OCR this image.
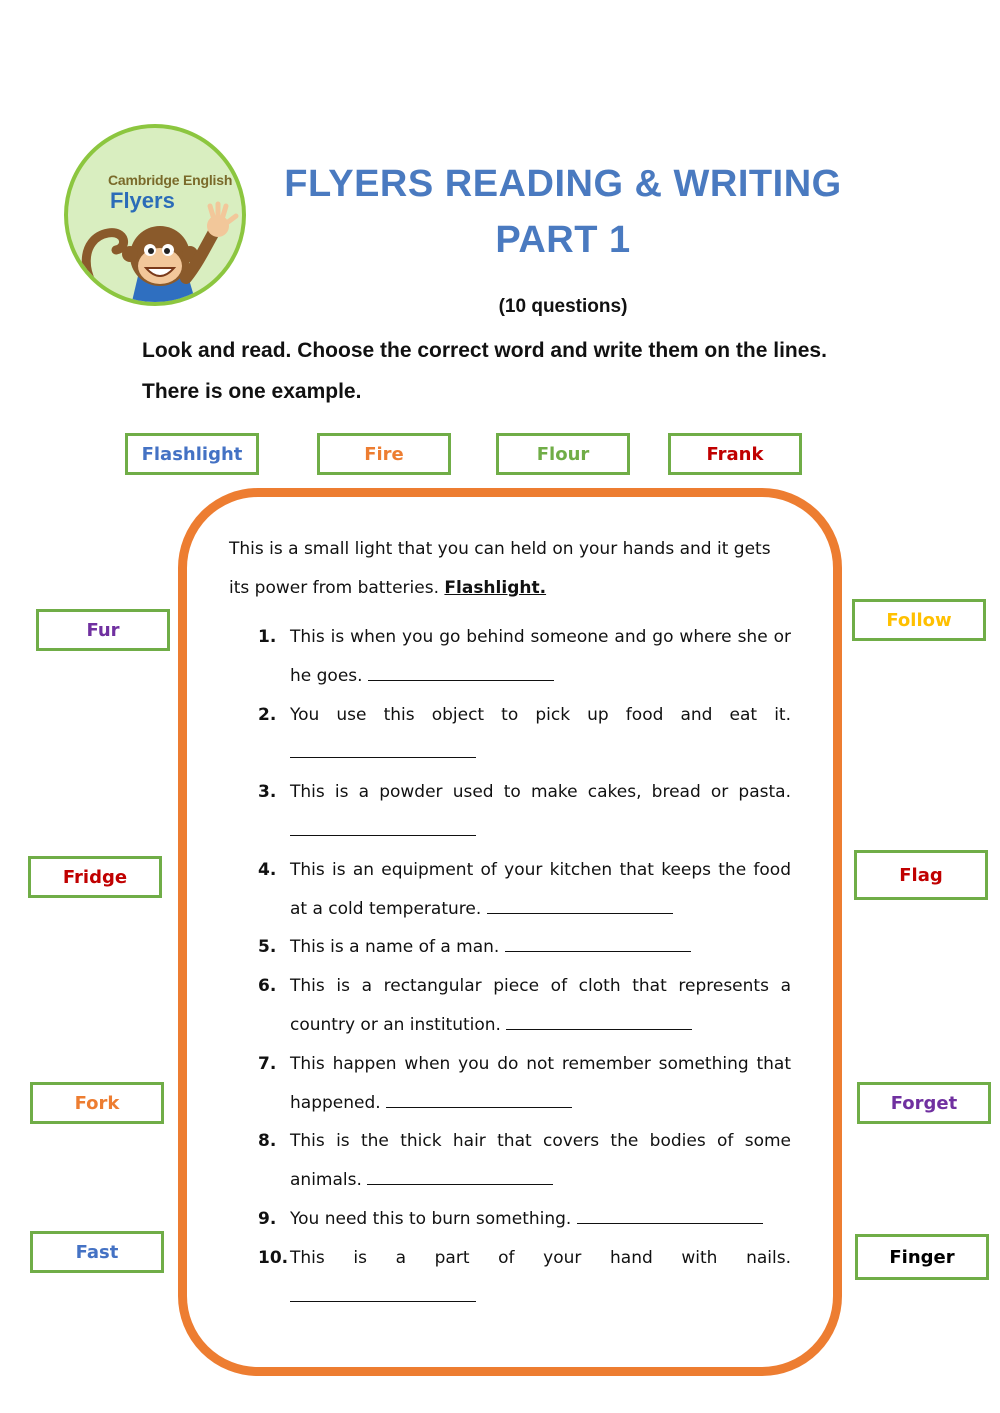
Cambridge English
Flyers	FLYERS READING & WRITING
PART 1
(10 questions)
Look and read. Choose the correct word and write them on the lines. There is one example.
Flashlight	Fire	Flour	Frank
Fur
Fridge
Fork
Fast
Follow
Flag
Forget
Finger
This is a small light that you can held on your hands and it gets its power from batteries. Flashlight.
1. This is when you go behind someone and go where she or he goes.
2. You use this object to pick up food and eat it.
3. This is a powder used to make cakes, bread or pasta.
4. This is an equipment of your kitchen that keeps the food at a cold temperature.
5. This is a name of a man.
6. This is a rectangular piece of cloth that represents a country or an institution.
7. This happen when you do not remember something that happened.
8. This is the thick hair that covers the bodies of some animals.
9. You need this to burn something.
10. This is a part of your hand with nails.
